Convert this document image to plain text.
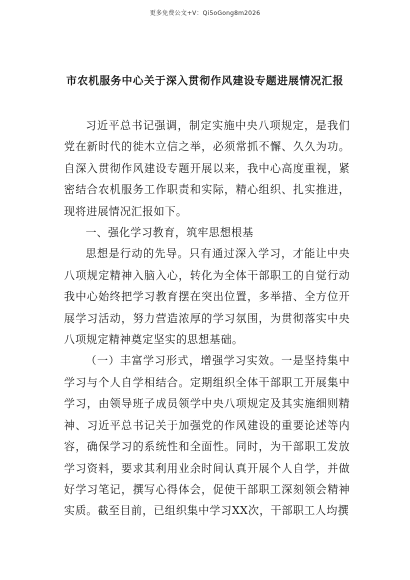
更多免费公文+V：Qi5oGong8m2026
市农机服务中心关于深入贯彻作风建设专题进展情况汇报

习近平总书记强调，制定实施中央八项规定，是我们党在新时代的徙木立信之举，必须常抓不懈、久久为功。自深入贯彻作风建设专题开展以来，我中心高度重视，紧密结合农机服务工作职责和实际，精心组织、扎实推进，现将进展情况汇报如下。

一、强化学习教育，筑牢思想根基

思想是行动的先导。只有通过深入学习，才能让中央八项规定精神入脑入心，转化为全体干部职工的自觉行动我中心始终把学习教育摆在突出位置，多举措、全方位开展学习活动，努力营造浓厚的学习氛围，为贯彻落实中央八项规定精神奠定坚实的思想基础。

（一）丰富学习形式，增强学习实效。一是坚持集中学习与个人自学相结合。定期组织全体干部职工开展集中学习，由领导班子成员领学中央八项规定及其实施细则精神、习近平总书记关于加强党的作风建设的重要论述等内容，确保学习的系统性和全面性。同时，为干部职工发放学习资料，要求其利用业余时间认真开展个人自学，并做好学习笔记，撰写心得体会，促使干部职工深刻领会精神实质。截至目前，已组织集中学习XX次，干部职工人均撰
